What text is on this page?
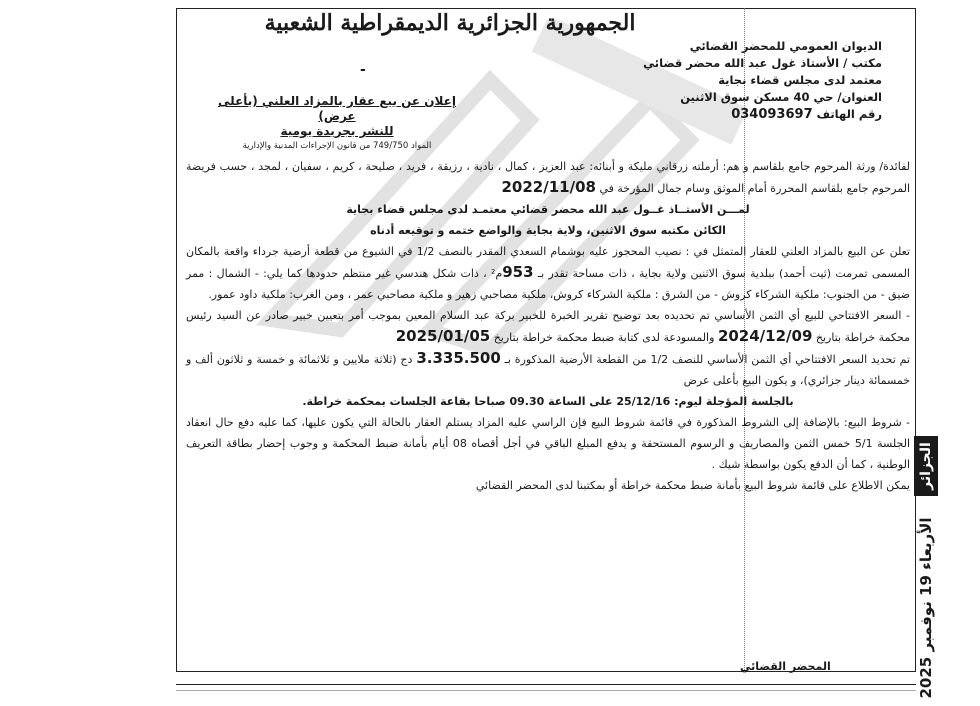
الجمهورية الجزائرية الديمقراطية الشعبية
الديوان العمومي للمحضر القضائي
مكتب / الأستاذ غول عبد الله محضر قضائي
معتمد لدى مجلس قضاء بجاية
العنوان/ حي 40 مسكن سوق الاثنين
رقم الهاتف 034093697
-
إعلان عن بيع عقار بالمزاد العلني (بأعلى عرض)
للنشر بجريدة يومية
المواد 749/750 من قانون الإجراءات المدنية والإدارية

لفائدة/ ورثة المرحوم جامع بلقاسم و هم: أرملته زرقاني مليكة و أبنائه: عبد العزيز ، كمال ، نادية ، رزيقة ، فريد ، صليحة ، كريم ، سفيان ، لمجد ، حسب فريضة المرحوم جامع بلقاسم المحررة أمام الموثق وسام جمال المؤرخة في 2022/11/08

لمـــن الأستــاذ غــول عبد الله محضر قضائي معتمـد لدى مجلس قضاء بجاية

الكائن مكتبه سوق الاثنين، ولاية بجاية والواضع ختمه و توقيعه أدناه

تعلن عن البيع بالمزاد العلني للعقار المتمثل في : نصيب المحجوز عليه بوشمام السعدي المقدر بالنصف 1/2 في الشيوع من قطعة أرضية جرداء واقعة بالمكان المسمى تمرمت (ثيت أحمد) ببلدية سوق الاثنين ولاية بجاية ، ذات مساحة تقدر بـ 953م² ، ذات شكل هندسي غير منتظم حدودها كما يلي: - الشمال : ممر ضيق - من الجنوب: ملكية الشركاء كروش - من الشرق : ملكية الشركاء كروش، ملكية مصاحبي زهير و ملكية مصاحبي عمر ، ومن الغرب: ملكية داود عمور.

- السعر الافتتاحي للبيع أي الثمن الأساسي تم تحديده بعد توضيح تقرير الخبرة للخبير بركة عبد السلام المعين بموجب أمر بتعيين خبير صادر عن السيد رئيس محكمة خراطة بتاريخ 2024/12/09 والمسودعة لدى كتابة ضبط محكمة خراطة بتاريخ 2025/01/05

تم تحديد السعر الافتتاحي أي الثمن الأساسي للنصف 1/2 من القطعة الأرضية المذكورة بـ 3.335.500 دج (ثلاثة ملايين و ثلاثمائة و خمسة و ثلاثون ألف و خمسمائة دينار جزائري)، و يكون البيع بأعلى عرض

بالجلسة المؤجلة ليوم: 25/12/16 على الساعة 09.30 صباحا بقاعة الجلسات بمحكمة خراطة.

- شروط البيع: بالإضافة إلى الشروط المذكورة في قائمة شروط البيع فإن الراسي عليه المزاد يستلم العقار بالحالة التي يكون عليها، كما عليه دفع حال انعقاد الجلسة 5/1 خمس الثمن والمصاريف و الرسوم المستحقة و يدفع المبلغ الباقي في أجل أقصاه 08 أيام بأمانة ضبط المحكمة و وجوب إحضار بطاقة التعريف الوطنية ، كما أن الدفع يكون بواسطة شيك .

يمكن الاطلاع على قائمة شروط البيع بأمانة ضبط محكمة خراطة أو بمكتبنا لدى المحضر القضائي

المحضر القضائي
الجزائر
الأربعاء 19 نوفمبر 2025
